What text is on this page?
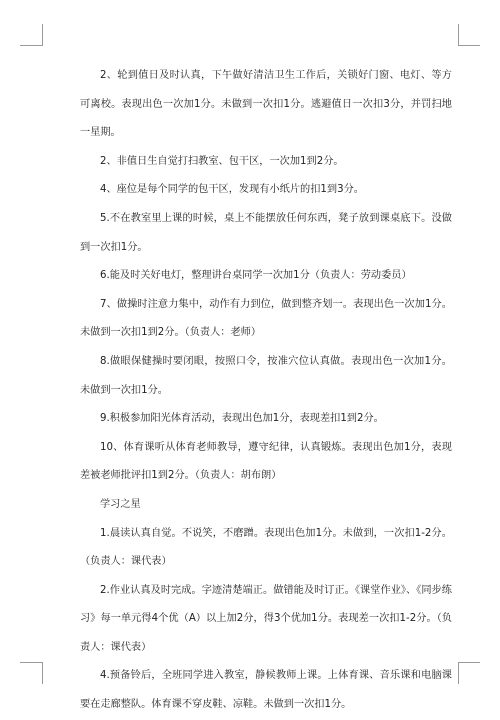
2、轮到值日及时认真，下午做好清洁卫生工作后，关锁好门窗、电灯、等方可离校。表现出色一次加1分。未做到一次扣1分。逃避值日一次扣3分，并罚扫地一星期。

2、非值日生自觉打扫教室、包干区，一次加1到2分。

4、座位是每个同学的包干区，发现有小纸片的扣1到3分。

5.不在教室里上课的时候，桌上不能摆放任何东西，凳子放到课桌底下。没做到一次扣1分。

6.能及时关好电灯，整理讲台桌同学一次加1分（负责人：劳动委员）

7、做操时注意力集中，动作有力到位，做到整齐划一。表现出色一次加1分。未做到一次扣1到2分。（负责人：老师）

8.做眼保健操时要闭眼，按照口令，按准穴位认真做。表现出色一次加1分。未做到一次扣1分。

9.积极参加阳光体育活动，表现出色加1分，表现差扣1到2分。

10、体育课听从体育老师教导，遵守纪律，认真锻炼。表现出色加1分，表现差被老师批评扣1到2分。（负责人：胡布朗）

学习之星

1.晨读认真自觉。不说笑，不磨蹭。表现出色加1分。未做到，一次扣1-2分。（负责人：课代表）

2.作业认真及时完成。字迹清楚端正。做错能及时订正。《课堂作业》、《同步练习》每一单元得4个优（A）以上加2分，得3个优加1分。表现差一次扣1-2分。（负责人：课代表）

4.预备铃后，全班同学进入教室，静候教师上课。上体育课、音乐课和电脑课要在走廊整队。体育课不穿皮鞋、凉鞋。未做到一次扣1分。
